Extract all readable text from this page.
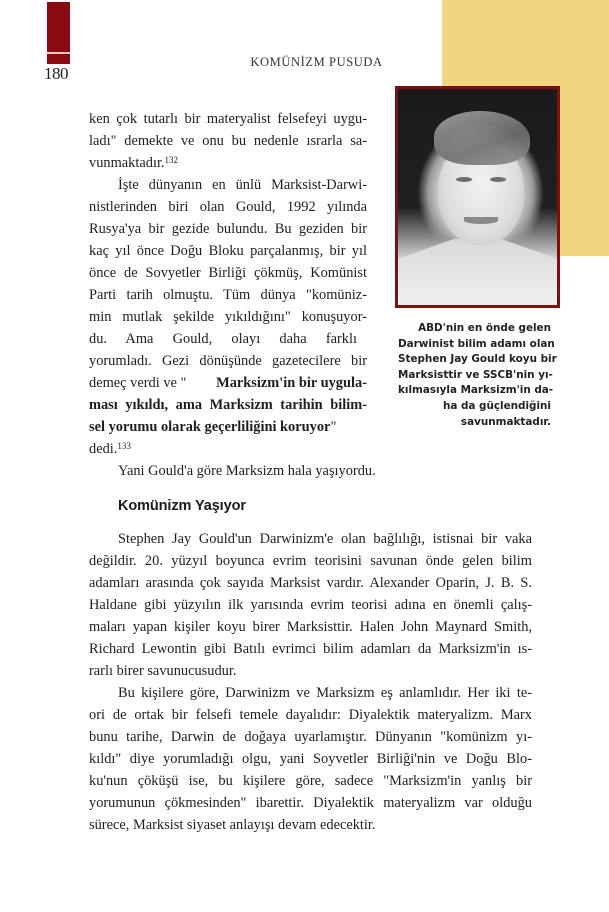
180
KOMÜNİZM PUSUDA
ABD'nin en önde gelen
Darwinist bilim adamı olan
Stephen Jay Gould koyu bir
Marksisttir ve SSCB'nin yı-
kılmasıyla Marksizm'in da-
ha da güçlendiğini
savunmaktadır.
ken çok tutarlı bir materyalist felsefeyi uygu-
ladı" demekte ve onu bu nedenle ısrarla sa-
vunmaktadır.$^{132}$
İşte dünyanın en ünlü Marksist-Darwi-
nistlerinden biri olan Gould, 1992 yılında
Rusya'ya bir gezide bulundu. Bu geziden bir
kaç yıl önce Doğu Bloku parçalanmış, bir yıl
önce de Sovyetler Birliği çökmüş, Komünist
Parti tarih olmuştu. Tüm dünya "komüniz-
min mutlak şekilde yıkıldığını" konuşuyor-
du. Ama Gould, olayı daha farklı
yorumladı. Gezi dönüşünde gazetecilere bir
demeç verdi ve " Marksizm'in bir uygula-
ması yıkıldı, ama Marksizm tarihin bilim-
sel yorumu olarak geçerliliğini koruyor"
dedi.$^{133}$
Yani Gould'a göre Marksizm hala yaşıyordu.
Komünizm Yaşıyor
Stephen Jay Gould'un Darwinizm'e olan bağlılığı, istisnai bir vaka
değildir. 20. yüzyıl boyunca evrim teorisini savunan önde gelen bilim
adamları arasında çok sayıda Marksist vardır. Alexander Oparin, J. B. S.
Haldane gibi yüzyılın ilk yarısında evrim teorisi adına en önemli çalış-
maları yapan kişiler koyu birer Marksisttir. Halen John Maynard Smith,
Richard Lewontin gibi Batılı evrimci bilim adamları da Marksizm'in ıs-
rarlı birer savunucusudur.
Bu kişilere göre, Darwinizm ve Marksizm eş anlamlıdır. Her iki te-
ori de ortak bir felsefi temele dayalıdır: Diyalektik materyalizm. Marx
bunu tarihe, Darwin de doğaya uyarlamıştır. Dünyanın "komünizm yı-
kıldı" diye yorumladığı olgu, yani Soyvetler Birliği'nin ve Doğu Blo-
ku'nun çöküşü ise, bu kişilere göre, sadece "Marksizm'in yanlış bir
yorumunun çökmesinden" ibarettir. Diyalektik materyalizm var olduğu
sürece, Marksist siyaset anlayışı devam edecektir.
